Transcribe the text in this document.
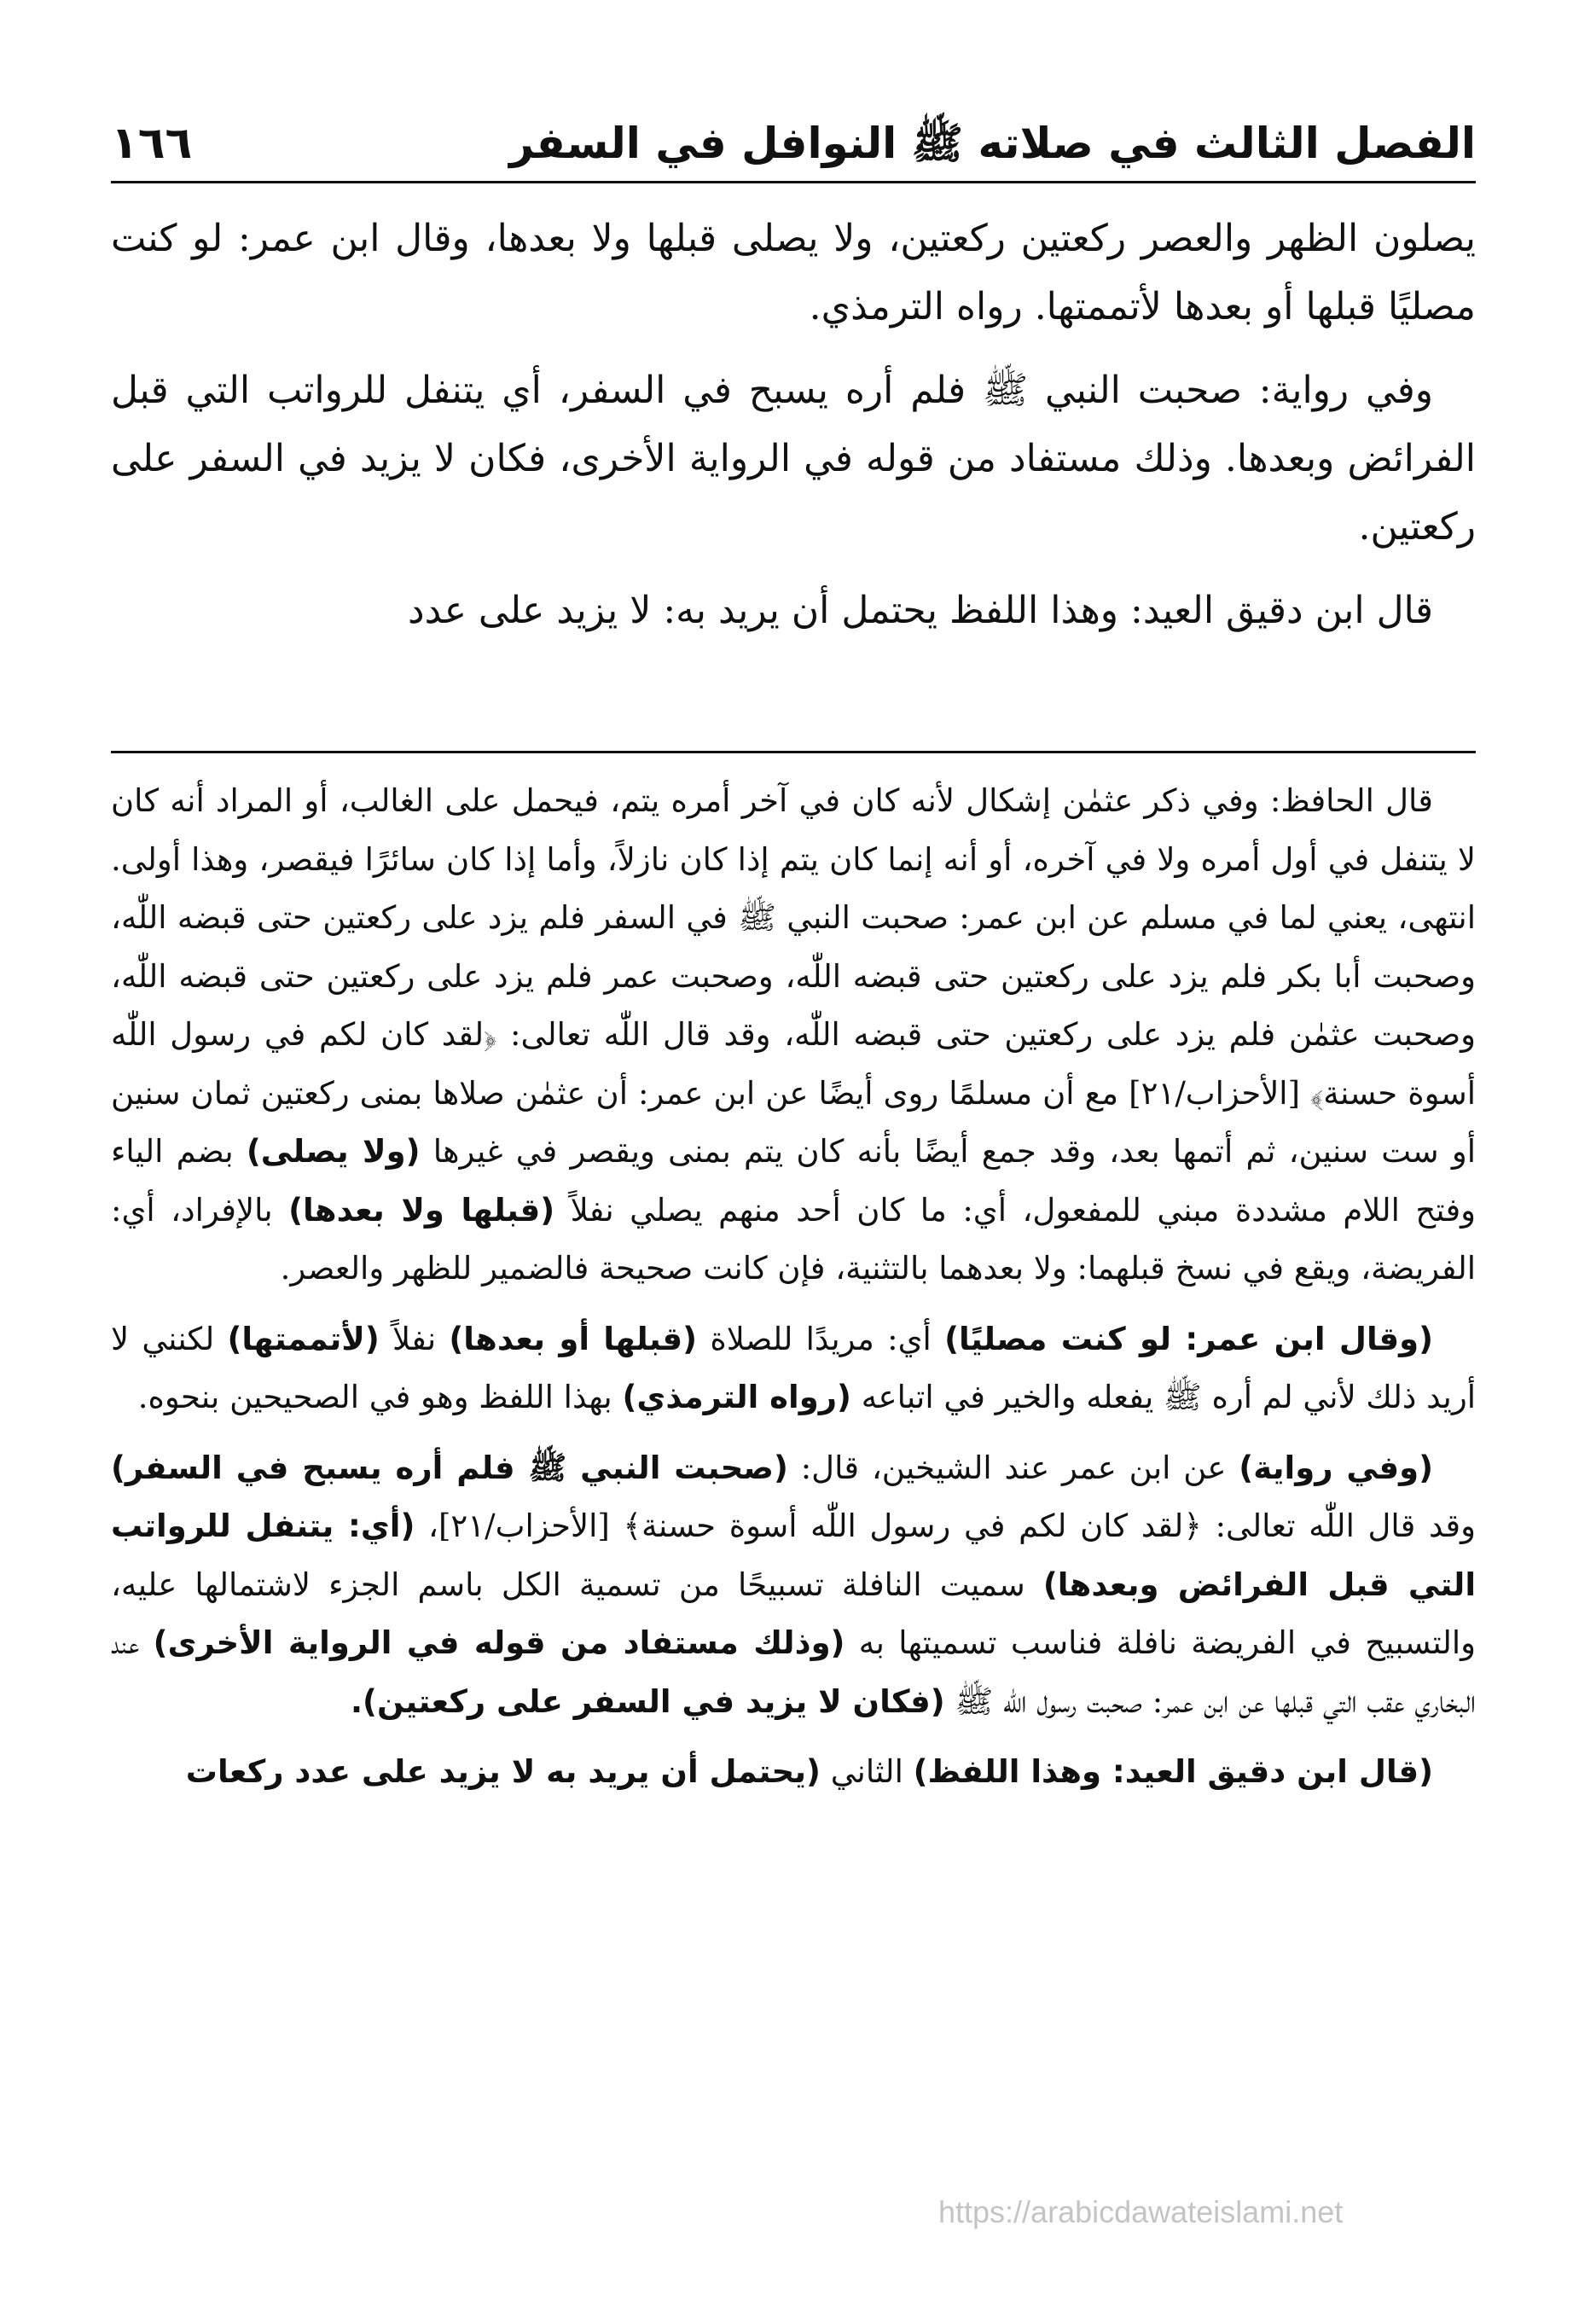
الفصل الثالث في صلاته ﷺ النوافل في السفر
١٦٦

يصلون الظهر والعصر ركعتين ركعتين، ولا يصلى قبلها ولا بعدها، وقال ابن عمر: لو كنت مصليًا قبلها أو بعدها لأتممتها. رواه الترمذي.

وفي رواية: صحبت النبي ﷺ فلم أره يسبح في السفر، أي يتنفل للرواتب التي قبل الفرائض وبعدها. وذلك مستفاد من قوله في الرواية الأخرى، فكان لا يزيد في السفر على ركعتين.

قال ابن دقيق العيد: وهذا اللفظ يحتمل أن يريد به: لا يزيد على عدد

قال الحافظ: وفي ذكر عثمٰن إشكال لأنه كان في آخر أمره يتم، فيحمل على الغالب، أو المراد أنه كان لا يتنفل في أول أمره ولا في آخره، أو أنه إنما كان يتم إذا كان نازلاً، وأما إذا كان سائرًا فيقصر، وهذا أولى. انتهى، يعني لما في مسلم عن ابن عمر: صحبت النبي ﷺ في السفر فلم يزد على ركعتين حتى قبضه اللّٰه، وصحبت أبا بكر فلم يزد على ركعتين حتى قبضه اللّٰه، وصحبت عمر فلم يزد على ركعتين حتى قبضه اللّٰه، وصحبت عثمٰن فلم يزد على ركعتين حتى قبضه اللّٰه، وقد قال اللّٰه تعالى: ﴿لقد كان لكم في رسول اللّٰه أسوة حسنة﴾ [الأحزاب/٢١] مع أن مسلمًا روى أيضًا عن ابن عمر: أن عثمٰن صلاها بمنى ركعتين ثمان سنين أو ست سنين، ثم أتمها بعد، وقد جمع أيضًا بأنه كان يتم بمنى ويقصر في غيرها (ولا يصلى) بضم الياء وفتح اللام مشددة مبني للمفعول، أي: ما كان أحد منهم يصلي نفلاً (قبلها ولا بعدها) بالإفراد، أي: الفريضة، ويقع في نسخ قبلهما: ولا بعدهما بالتثنية، فإن كانت صحيحة فالضمير للظهر والعصر.

(وقال ابن عمر: لو كنت مصليًا) أي: مريدًا للصلاة (قبلها أو بعدها) نفلاً (لأتممتها) لكنني لا أريد ذلك لأني لم أره ﷺ يفعله والخير في اتباعه (رواه الترمذي) بهذا اللفظ وهو في الصحيحين بنحوه.

(وفي رواية) عن ابن عمر عند الشيخين، قال: (صحبت النبي ﷺ فلم أره يسبح في السفر) وقد قال اللّٰه تعالى: ﴿لقد كان لكم في رسول اللّٰه أسوة حسنة﴾ [الأحزاب/٢١]، (أي: يتنفل للرواتب التي قبل الفرائض وبعدها) سميت النافلة تسبيحًا من تسمية الكل باسم الجزء لاشتمالها عليه، والتسبيح في الفريضة نافلة فناسب تسميتها به (وذلك مستفاد من قوله في الرواية الأخرى) عند البخاري عقب التي قبلها عن ابن عمر: صحبت رسول اللّٰه ﷺ (فكان لا يزيد في السفر على ركعتين).

(قال ابن دقيق العيد: وهذا اللفظ) الثاني (يحتمل أن يريد به لا يزيد على عدد ركعات

https://arabicdawateislami.net
